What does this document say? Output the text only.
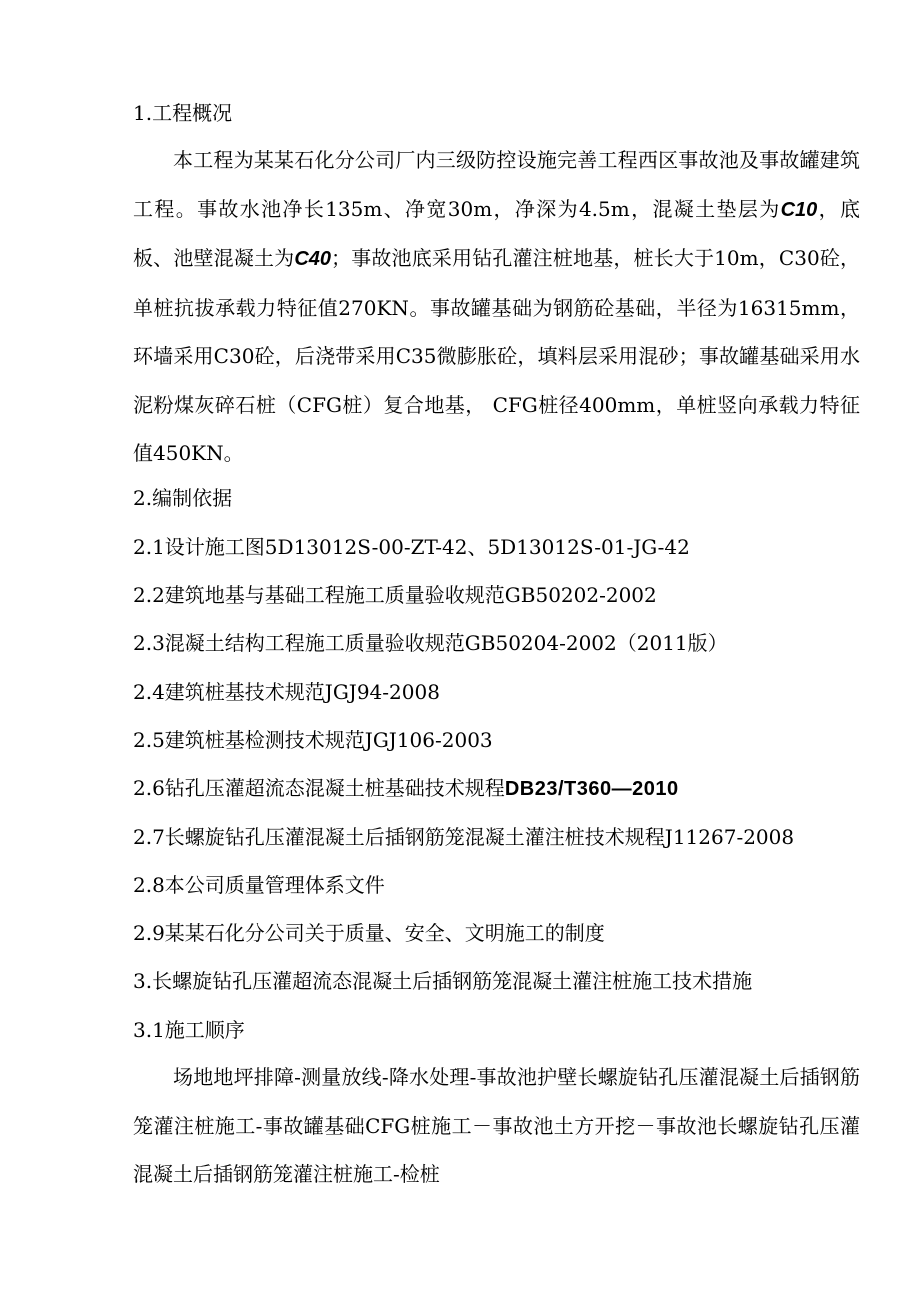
1.工程概况

本工程为某某石化分公司厂内三级防控设施完善工程西区事故池及事故罐建筑工程。事故水池净长135m、净宽30m，净深为4.5m，混凝土垫层为C10，底板、池壁混凝土为C40；事故池底采用钻孔灌注桩地基，桩长大于10m，C30砼，单桩抗拔承载力特征值270KN。事故罐基础为钢筋砼基础，半径为16315mm，环墙采用C30砼，后浇带采用C35微膨胀砼，填料层采用混砂；事故罐基础采用水泥粉煤灰碎石桩（CFG桩）复合地基， CFG桩径400mm，单桩竖向承载力特征值450KN。

2.编制依据
2.1设计施工图5D13012S-00-ZT-42、5D13012S-01-JG-42
2.2建筑地基与基础工程施工质量验收规范GB50202-2002
2.3混凝土结构工程施工质量验收规范GB50204-2002（2011版）
2.4建筑桩基技术规范JGJ94-2008
2.5建筑桩基检测技术规范JGJ106-2003
2.6钻孔压灌超流态混凝土桩基础技术规程DB23/T360—2010
2.7长螺旋钻孔压灌混凝土后插钢筋笼混凝土灌注桩技术规程J11267-2008
2.8本公司质量管理体系文件
2.9某某石化分公司关于质量、安全、文明施工的制度
3.长螺旋钻孔压灌超流态混凝土后插钢筋笼混凝土灌注桩施工技术措施
3.1施工顺序

场地地坪排障-测量放线-降水处理-事故池护壁长螺旋钻孔压灌混凝土后插钢筋笼灌注桩施工-事故罐基础CFG桩施工－事故池土方开挖－事故池长螺旋钻孔压灌混凝土后插钢筋笼灌注桩施工-检桩
